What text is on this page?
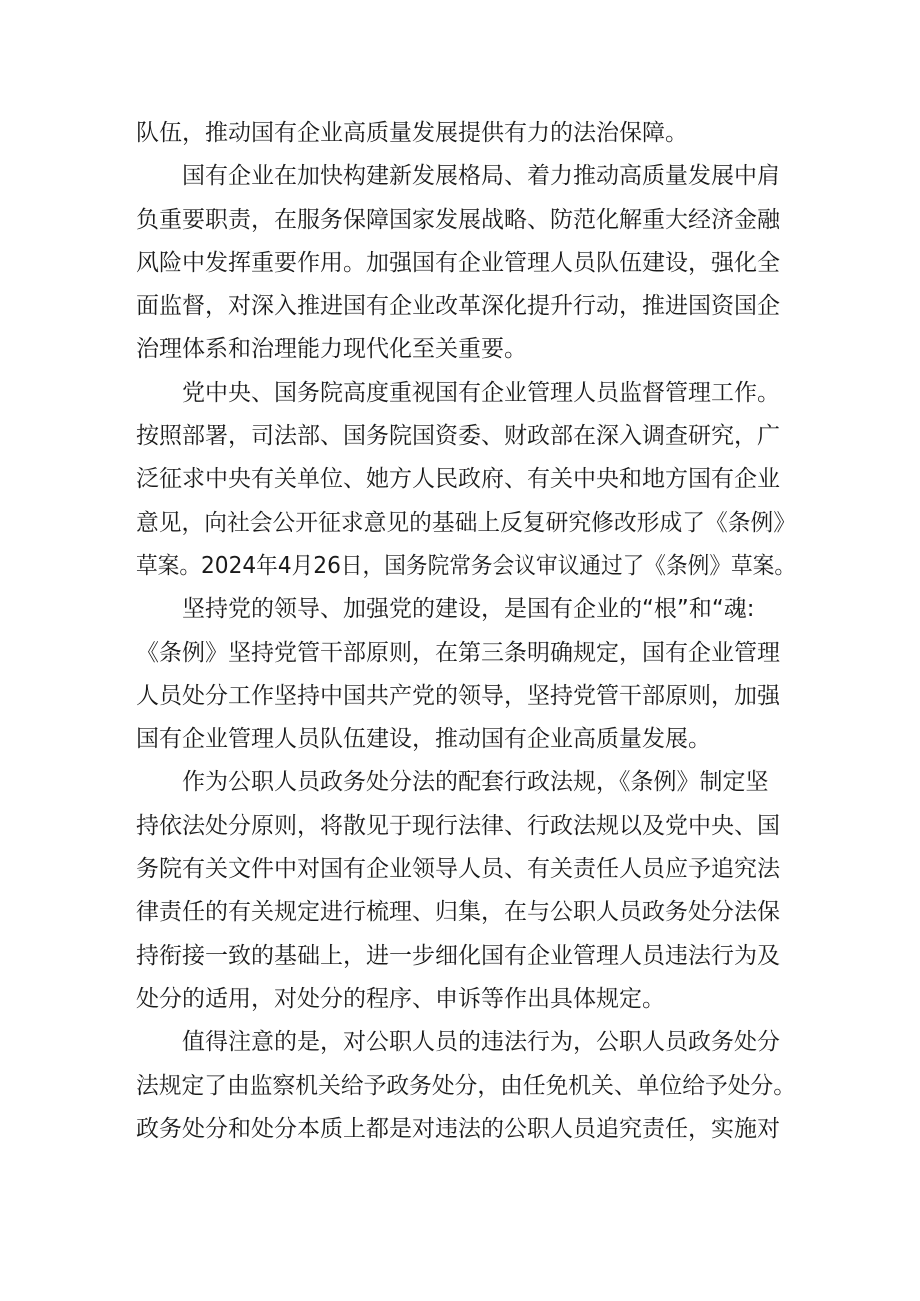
队伍，推动国有企业高质量发展提供有力的法治保障。
国有企业在加快构建新发展格局、着力推动高质量发展中肩
负重要职责，在服务保障国家发展战略、防范化解重大经济金融
风险中发挥重要作用。加强国有企业管理人员队伍建设，强化全
面监督，对深入推进国有企业改革深化提升行动，推进国资国企
治理体系和治理能力现代化至关重要。
党中央、国务院高度重视国有企业管理人员监督管理工作。
按照部署，司法部、国务院国资委、财政部在深入调查研究，广
泛征求中央有关单位、她方人民政府、有关中央和地方国有企业
意见，向社会公开征求意见的基础上反复研究修改形成了《条例》
草案。2024年4月26日，国务院常务会议审议通过了《条例》草案。
坚持党的领导、加强党的建设，是国有企业的“根”和“魂:
《条例》坚持党管干部原则，在第三条明确规定，国有企业管理
人员处分工作坚持中国共产党的领导，坚持党管干部原则，加强
国有企业管理人员队伍建设，推动国有企业高质量发展。
作为公职人员政务处分法的配套行政法规，《条例》制定坚
持依法处分原则，将散见于现行法律、行政法规以及党中央、国
务院有关文件中对国有企业领导人员、有关责任人员应予追究法
律责任的有关规定进行梳理、归集，在与公职人员政务处分法保
持衔接一致的基础上，进一步细化国有企业管理人员违法行为及
处分的适用，对处分的程序、申诉等作出具体规定。
值得注意的是，对公职人员的违法行为，公职人员政务处分
法规定了由监察机关给予政务处分，由任免机关、单位给予处分。
政务处分和处分本质上都是对违法的公职人员追究责任，实施对
